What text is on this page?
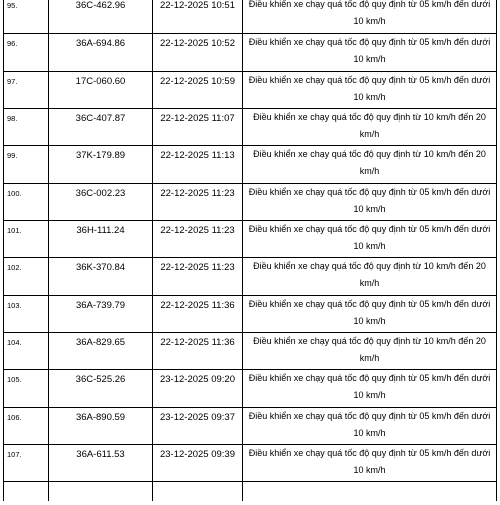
95.	36C-462.96	22-12-2025 10:51	Điều khiển xe chạy quá tốc độ quy định từ 05 km/h đến dưới 10 km/h
96.	36A-694.86	22-12-2025 10:52	Điều khiển xe chạy quá tốc độ quy định từ 05 km/h đến dưới 10 km/h
97.	17C-060.60	22-12-2025 10:59	Điều khiển xe chạy quá tốc độ quy định từ 05 km/h đến dưới 10 km/h
98.	36C-407.87	22-12-2025 11:07	Điều khiển xe chạy quá tốc độ quy định từ 10 km/h đến 20 km/h
99.	37K-179.89	22-12-2025 11:13	Điều khiển xe chạy quá tốc độ quy định từ 10 km/h đến 20 km/h
100.	36C-002.23	22-12-2025 11:23	Điều khiển xe chạy quá tốc độ quy định từ 05 km/h đến dưới 10 km/h
101.	36H-111.24	22-12-2025 11:23	Điều khiển xe chạy quá tốc độ quy định từ 05 km/h đến dưới 10 km/h
102.	36K-370.84	22-12-2025 11:23	Điều khiển xe chạy quá tốc độ quy định từ 10 km/h đến 20 km/h
103.	36A-739.79	22-12-2025 11:36	Điều khiển xe chạy quá tốc độ quy định từ 05 km/h đến dưới 10 km/h
104.	36A-829.65	22-12-2025 11:36	Điều khiển xe chạy quá tốc độ quy định từ 10 km/h đến 20 km/h
105.	36C-525.26	23-12-2025 09:20	Điều khiển xe chạy quá tốc độ quy định từ 05 km/h đến dưới 10 km/h
106.	36A-890.59	23-12-2025 09:37	Điều khiển xe chạy quá tốc độ quy định từ 05 km/h đến dưới 10 km/h
107.	36A-611.53	23-12-2025 09:39	Điều khiển xe chạy quá tốc độ quy định từ 05 km/h đến dưới 10 km/h
